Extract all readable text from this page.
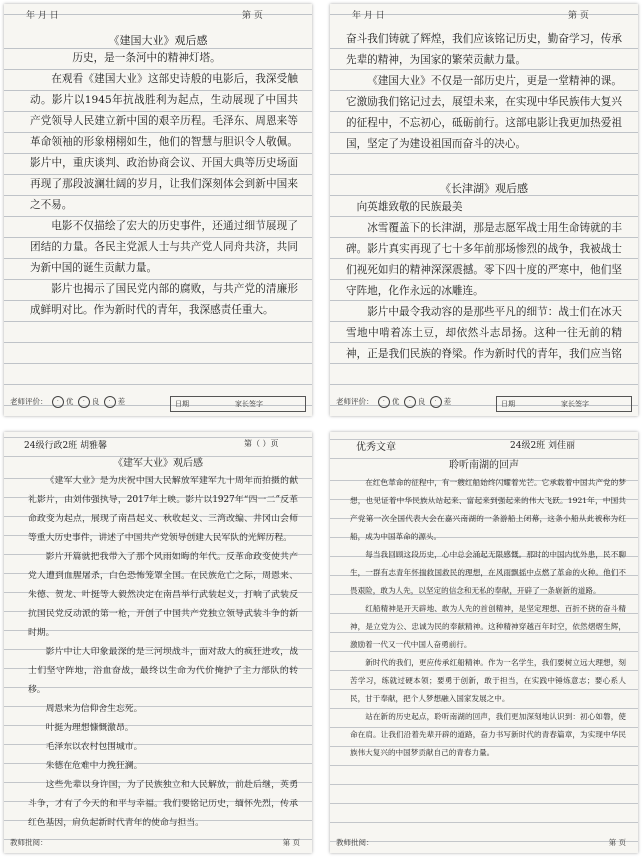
年 月 日	第 页
《建国大业》观后感

历史，是一条河中的精神灯塔。

在观看《建国大业》这部史诗般的电影后，我深受触动。影片以1945年抗战胜利为起点，生动展现了中国共产党领导人民建立新中国的艰辛历程。毛泽东、周恩来等革命领袖的形象栩栩如生，他们的智慧与胆识令人敬佩。影片中，重庆谈判、政治协商会议、开国大典等历史场面再现了那段波澜壮阔的岁月，让我们深刻体会到新中国来之不易。

电影不仅描绘了宏大的历史事件，还通过细节展现了团结的力量。各民主党派人士与共产党人同舟共济，共同为新中国的诞生贡献力量。

影片也揭示了国民党内部的腐败，与共产党的清廉形成鲜明对比。作为新时代的青年，我深感责任重大。

老师评价： · 优 · 良 · 差	日期	家长签字
年 月 日	第 页

奋斗我们铸就了辉煌，我们应该铭记历史，勤奋学习，传承先辈的精神，为国家的繁荣贡献力量。

《建国大业》不仅是一部历史片，更是一堂精神的课。它激励我们铭记过去，展望未来，在实现中华民族伟大复兴的征程中，不忘初心，砥砺前行。这部电影让我更加热爱祖国，坚定了为建设祖国而奋斗的决心。

《长津湖》观后感

向英雄致敬的民族最美

冰雪覆盖下的长津湖，那是志愿军战士用生命铸就的丰碑。影片真实再现了七十多年前那场惨烈的战争，我被战士们视死如归的精神深深震撼。零下四十度的严寒中，他们坚守阵地，化作永远的冰雕连。

影片中最令我动容的是那些平凡的细节：战士们在冰天雪地中啃着冻土豆，却依然斗志昂扬。这种一往无前的精神，正是我们民族的脊梁。作为新时代的青年，我们应当铭

老师评价： · 优 · 良 · 差	日期	家长签字
24级行政2班 胡雅馨	第（ ）页
《建军大业》观后感

《建军大业》是为庆祝中国人民解放军建军九十周年而拍摄的献礼影片，由刘伟强执导，2017年上映。影片以1927年“四一二”反革命政变为起点，展现了南昌起义、秋收起义、三湾改编、井冈山会师等重大历史事件，讲述了中国共产党领导创建人民军队的光辉历程。

影片开篇就把我带入了那个风雨如晦的年代。反革命政变使共产党人遭到血腥屠杀，白色恐怖笼罩全国。在民族危亡之际，周恩来、朱德、贺龙、叶挺等人毅然决定在南昌举行武装起义，打响了武装反抗国民党反动派的第一枪，开创了中国共产党独立领导武装斗争的新时期。

影片中让人印象最深的是三河坝战斗，面对敌人的疯狂进攻，战士们坚守阵地，浴血奋战，最终以生命为代价掩护了主力部队的转移。

周恩来为信仰舍生忘死。

叶挺为理想慷慨激昂。

毛泽东以农村包围城市。

朱德在危难中力挽狂澜。

这些先辈以身许国，为了民族独立和人民解放，前赴后继，英勇斗争，才有了今天的和平与幸福。我们要铭记历史，缅怀先烈，传承红色基因，肩负起新时代青年的使命与担当。

教师批阅：	第 页
优秀文章	24级2班 刘佳丽
聆听南湖的回声

在红色革命的征程中，有一艘红船始终闪耀着光芒。它承载着中国共产党的梦想，也见证着中华民族从站起来、富起来到强起来的伟大飞跃。1921年，中国共产党第一次全国代表大会在嘉兴南湖的一条游船上闭幕，这条小船从此被称为红船，成为中国革命的源头。

每当我回顾这段历史，心中总会涌起无限感慨。那时的中国内忧外患，民不聊生，一群有志青年怀揣救国救民的理想，在风雨飘摇中点燃了革命的火种。他们不畏艰险，敢为人先，以坚定的信念和无私的奉献，开辟了一条崭新的道路。

红船精神是开天辟地、敢为人先的首创精神，是坚定理想、百折不挠的奋斗精神，是立党为公、忠诚为民的奉献精神。这种精神穿越百年时空，依然熠熠生辉，激励着一代又一代中国人奋勇前行。

新时代的我们，更应传承红船精神。作为一名学生，我们要树立远大理想，刻苦学习，练就过硬本领；要勇于创新，敢于担当，在实践中锤炼意志；要心系人民，甘于奉献，把个人梦想融入国家发展之中。

站在新的历史起点，聆听南湖的回声，我们更加深刻地认识到：初心如磐，使命在肩。让我们沿着先辈开辟的道路，奋力书写新时代的青春篇章，为实现中华民族伟大复兴的中国梦贡献自己的青春力量。

教师批阅：	第 页
